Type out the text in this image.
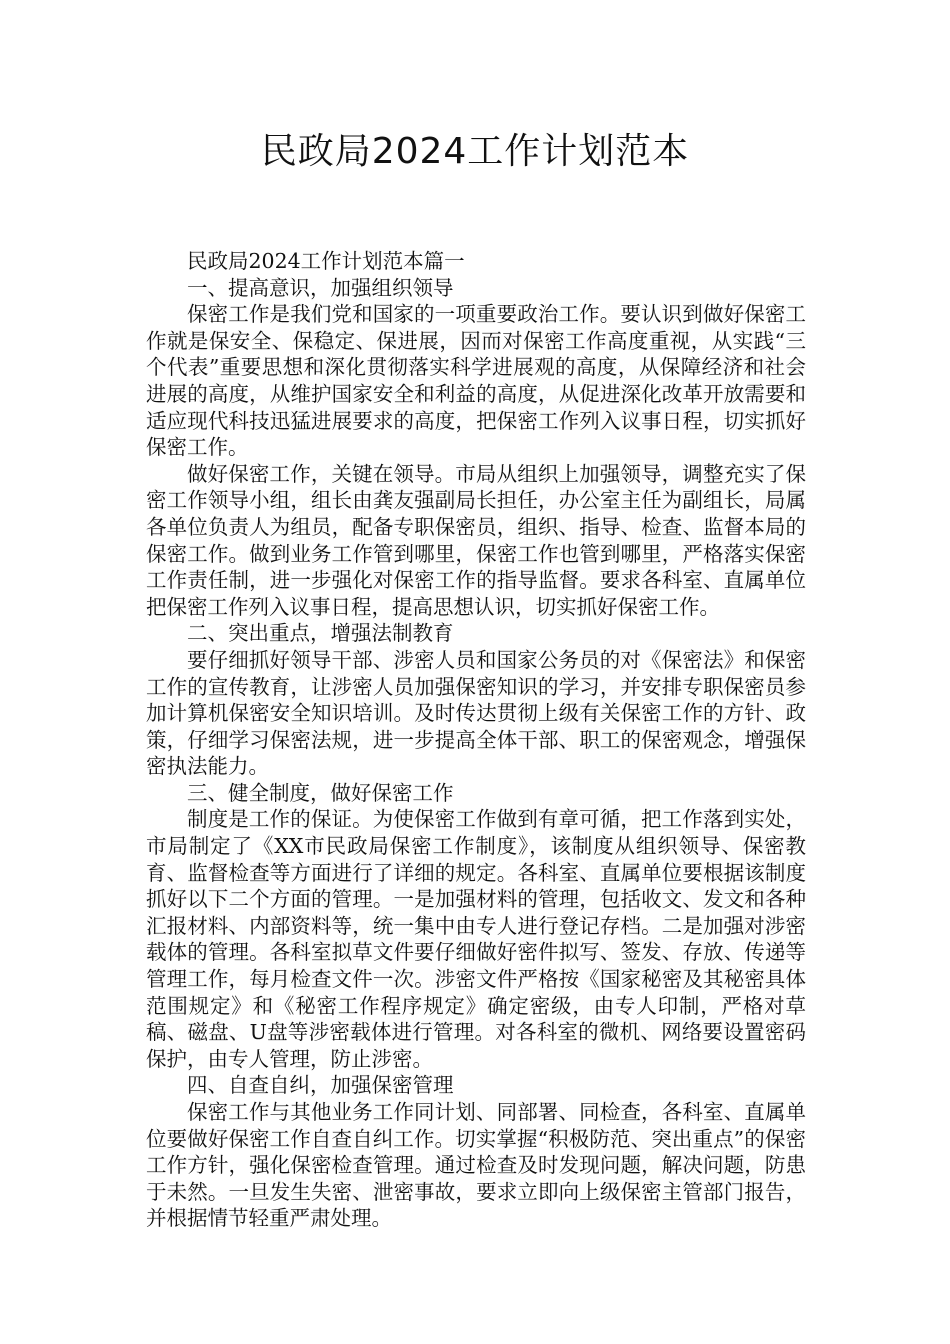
民政局2024工作计划范本

民政局2024工作计划范本篇一

一、提高意识，加强组织领导

保密工作是我们党和国家的一项重要政治工作。要认识到做好保密工作就是保安全、保稳定、保进展，因而对保密工作高度重视，从实践“三个代表”重要思想和深化贯彻落实科学进展观的高度，从保障经济和社会进展的高度，从维护国家安全和利益的高度，从促进深化改革开放需要和适应现代科技迅猛进展要求的高度，把保密工作列入议事日程，切实抓好保密工作。

做好保密工作，关键在领导。市局从组织上加强领导，调整充实了保密工作领导小组，组长由龚友强副局长担任，办公室主任为副组长，局属各单位负责人为组员，配备专职保密员，组织、指导、检查、监督本局的保密工作。做到业务工作管到哪里，保密工作也管到哪里，严格落实保密工作责任制，进一步强化对保密工作的指导监督。要求各科室、直属单位把保密工作列入议事日程，提高思想认识，切实抓好保密工作。

二、突出重点，增强法制教育

要仔细抓好领导干部、涉密人员和国家公务员的对《保密法》和保密工作的宣传教育，让涉密人员加强保密知识的学习，并安排专职保密员参加计算机保密安全知识培训。及时传达贯彻上级有关保密工作的方针、政策，仔细学习保密法规，进一步提高全体干部、职工的保密观念，增强保密执法能力。

三、健全制度，做好保密工作

制度是工作的保证。为使保密工作做到有章可循，把工作落到实处，市局制定了《XX市民政局保密工作制度》，该制度从组织领导、保密教育、监督检查等方面进行了详细的规定。各科室、直属单位要根据该制度抓好以下二个方面的管理。一是加强材料的管理，包括收文、发文和各种汇报材料、内部资料等，统一集中由专人进行登记存档。二是加强对涉密载体的管理。各科室拟草文件要仔细做好密件拟写、签发、存放、传递等管理工作，每月检查文件一次。涉密文件严格按《国家秘密及其秘密具体范围规定》和《秘密工作程序规定》确定密级，由专人印制，严格对草稿、磁盘、U盘等涉密载体进行管理。对各科室的微机、网络要设置密码保护，由专人管理，防止涉密。

四、自查自纠，加强保密管理

保密工作与其他业务工作同计划、同部署、同检查，各科室、直属单位要做好保密工作自查自纠工作。切实掌握“积极防范、突出重点”的保密工作方针，强化保密检查管理。通过检查及时发现问题，解决问题，防患于未然。一旦发生失密、泄密事故，要求立即向上级保密主管部门报告，并根据情节轻重严肃处理。
